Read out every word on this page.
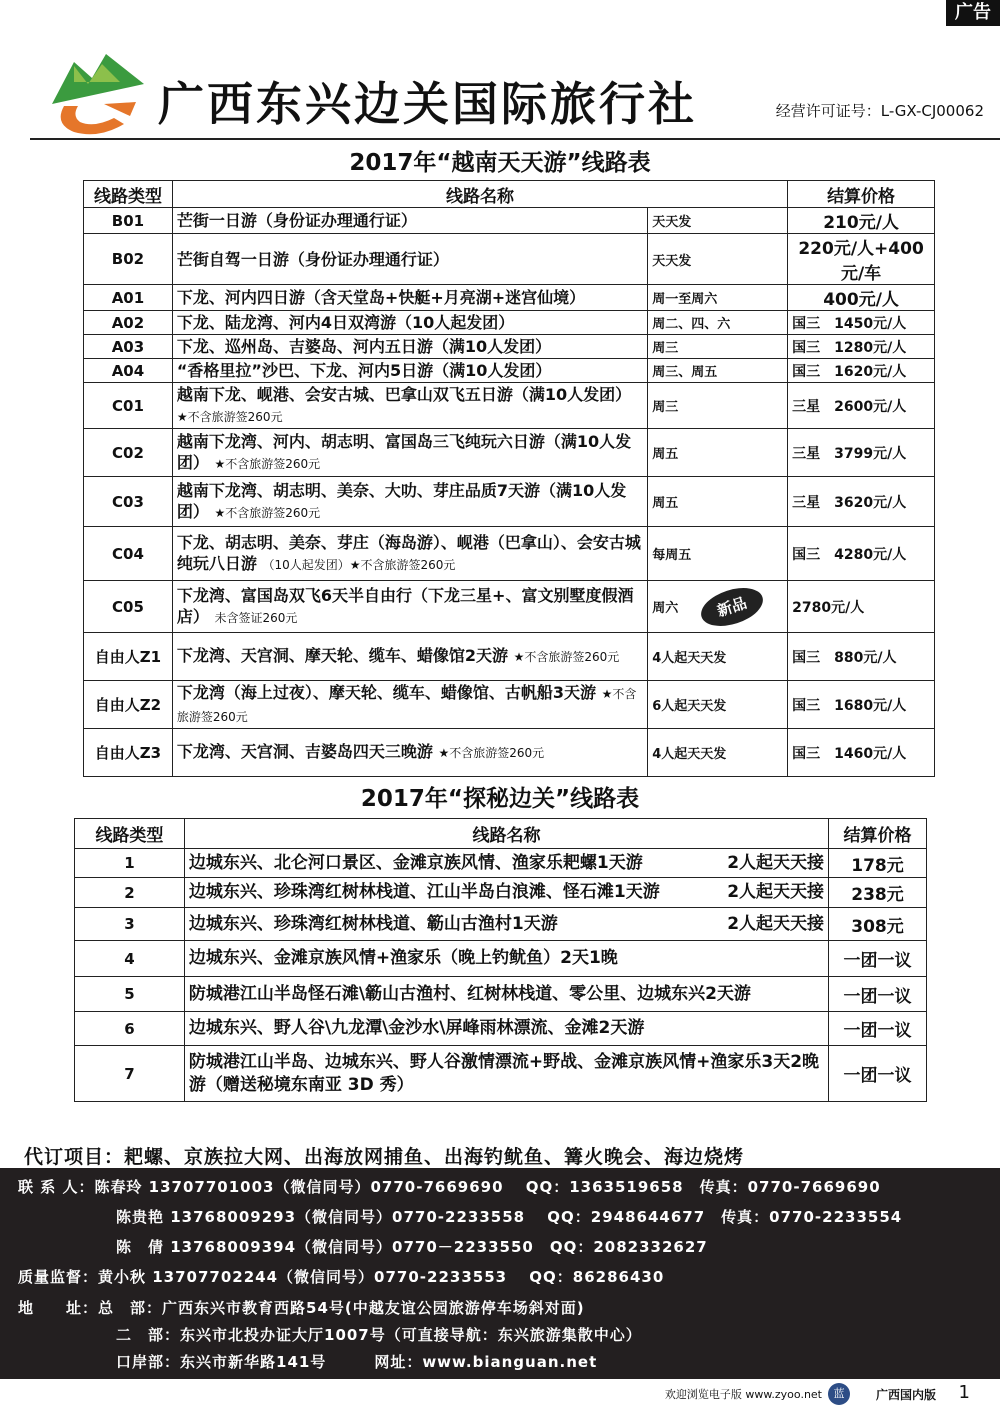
广告
广西东兴边关国际旅行社	经营许可证号：L-GX-CJ00062
2017年“越南天天游”线路表
线路类型	线路名称		结算价格
B01	芒街一日游（身份证办理通行证）	天天发	210元/人
B02	芒街自驾一日游（身份证办理通行证）	天天发	220元/人+400元/车
A01	下龙、河内四日游（含天堂岛+快艇+月亮湖+迷宫仙境）	周一至周六	400元/人
A02	下龙、陆龙湾、河内4日双湾游（10人起发团）	周二、四、六	国三　1450元/人
A03	下龙、巡州岛、吉婆岛、河内五日游（满10人发团）	周三	国三　1280元/人
A04	“香格里拉”沙巴、下龙、河内5日游（满10人发团）	周三、周五	国三　1620元/人
C01	越南下龙、岘港、会安古城、巴拿山双飞五日游（满10人发团） ★不含旅游签260元	周三	三星　2600元/人
C02	越南下龙湾、河内、胡志明、富国岛三飞纯玩六日游（满10人发团） ★不含旅游签260元	周五	三星　3799元/人
C03	越南下龙湾、胡志明、美奈、大叻、芽庄品质7天游（满10人发团） ★不含旅游签260元	周五	三星　3620元/人
C04	下龙、胡志明、美奈、芽庄（海岛游）、岘港（巴拿山）、会安古城纯玩八日游 （10人起发团）★不含旅游签260元	每周五	国三　4280元/人
C05	下龙湾、富国岛双飞6天半自由行（下龙三星+、富文别墅度假酒店） 未含签证260元	周六 新品	2780元/人
自由人Z1	下龙湾、天宫洞、摩天轮、缆车、蜡像馆2天游 ★不含旅游签260元	4人起天天发	国三　880元/人
自由人Z2	下龙湾（海上过夜）、摩天轮、缆车、蜡像馆、古帆船3天游 ★不含旅游签260元	6人起天天发	国三　1680元/人
自由人Z3	下龙湾、天宫洞、吉婆岛四天三晚游 ★不含旅游签260元	4人起天天发	国三　1460元/人
2017年“探秘边关”线路表
线路类型	线路名称	结算价格
1	边城东兴、北仑河口景区、金滩京族风情、渔家乐耙螺1天游 2人起天天接	178元
2	边城东兴、珍珠湾红树林栈道、江山半岛白浪滩、怪石滩1天游 2人起天天接	238元
3	边城东兴、珍珠湾红树林栈道、簕山古渔村1天游 2人起天天接	308元
4	边城东兴、金滩京族风情+渔家乐（晚上钓鱿鱼）2天1晚	一团一议
5	防城港江山半岛怪石滩\簕山古渔村、红树林栈道、零公里、边城东兴2天游	一团一议
6	边城东兴、野人谷\九龙潭\金沙水\屏峰雨林漂流、金滩2天游	一团一议
7	防城港江山半岛、边城东兴、野人谷激情漂流+野战、金滩京族风情+渔家乐3天2晚游（赠送秘境东南亚 3D 秀）	一团一议
代订项目：耙螺、京族拉大网、出海放网捕鱼、出海钓鱿鱼、篝火晚会、海边烧烤
联 系 人：陈春玲 13707701003（微信同号）0770-7669690　 QQ：1363519658　传真：0770-7669690
陈贵艳 13768009293（微信同号）0770-2233558　 QQ：2948644677　传真：0770-2233554
陈　倩 13768009394（微信同号）0770－2233550　QQ：2082332627
质量监督：黄小秋 13707702244（微信同号）0770-2233553　 QQ：86286430
地　　址：总　部：广西东兴市教育西路54号(中越友谊公园旅游停车场斜对面)
二　部：东兴市北投办证大厅1007号（可直接导航：东兴旅游集散中心）
口岸部：东兴市新华路141号　　　网址：www.bianguan.net
欢迎浏览电子版 www.zyoo.net	蓝	广西国内版 1
